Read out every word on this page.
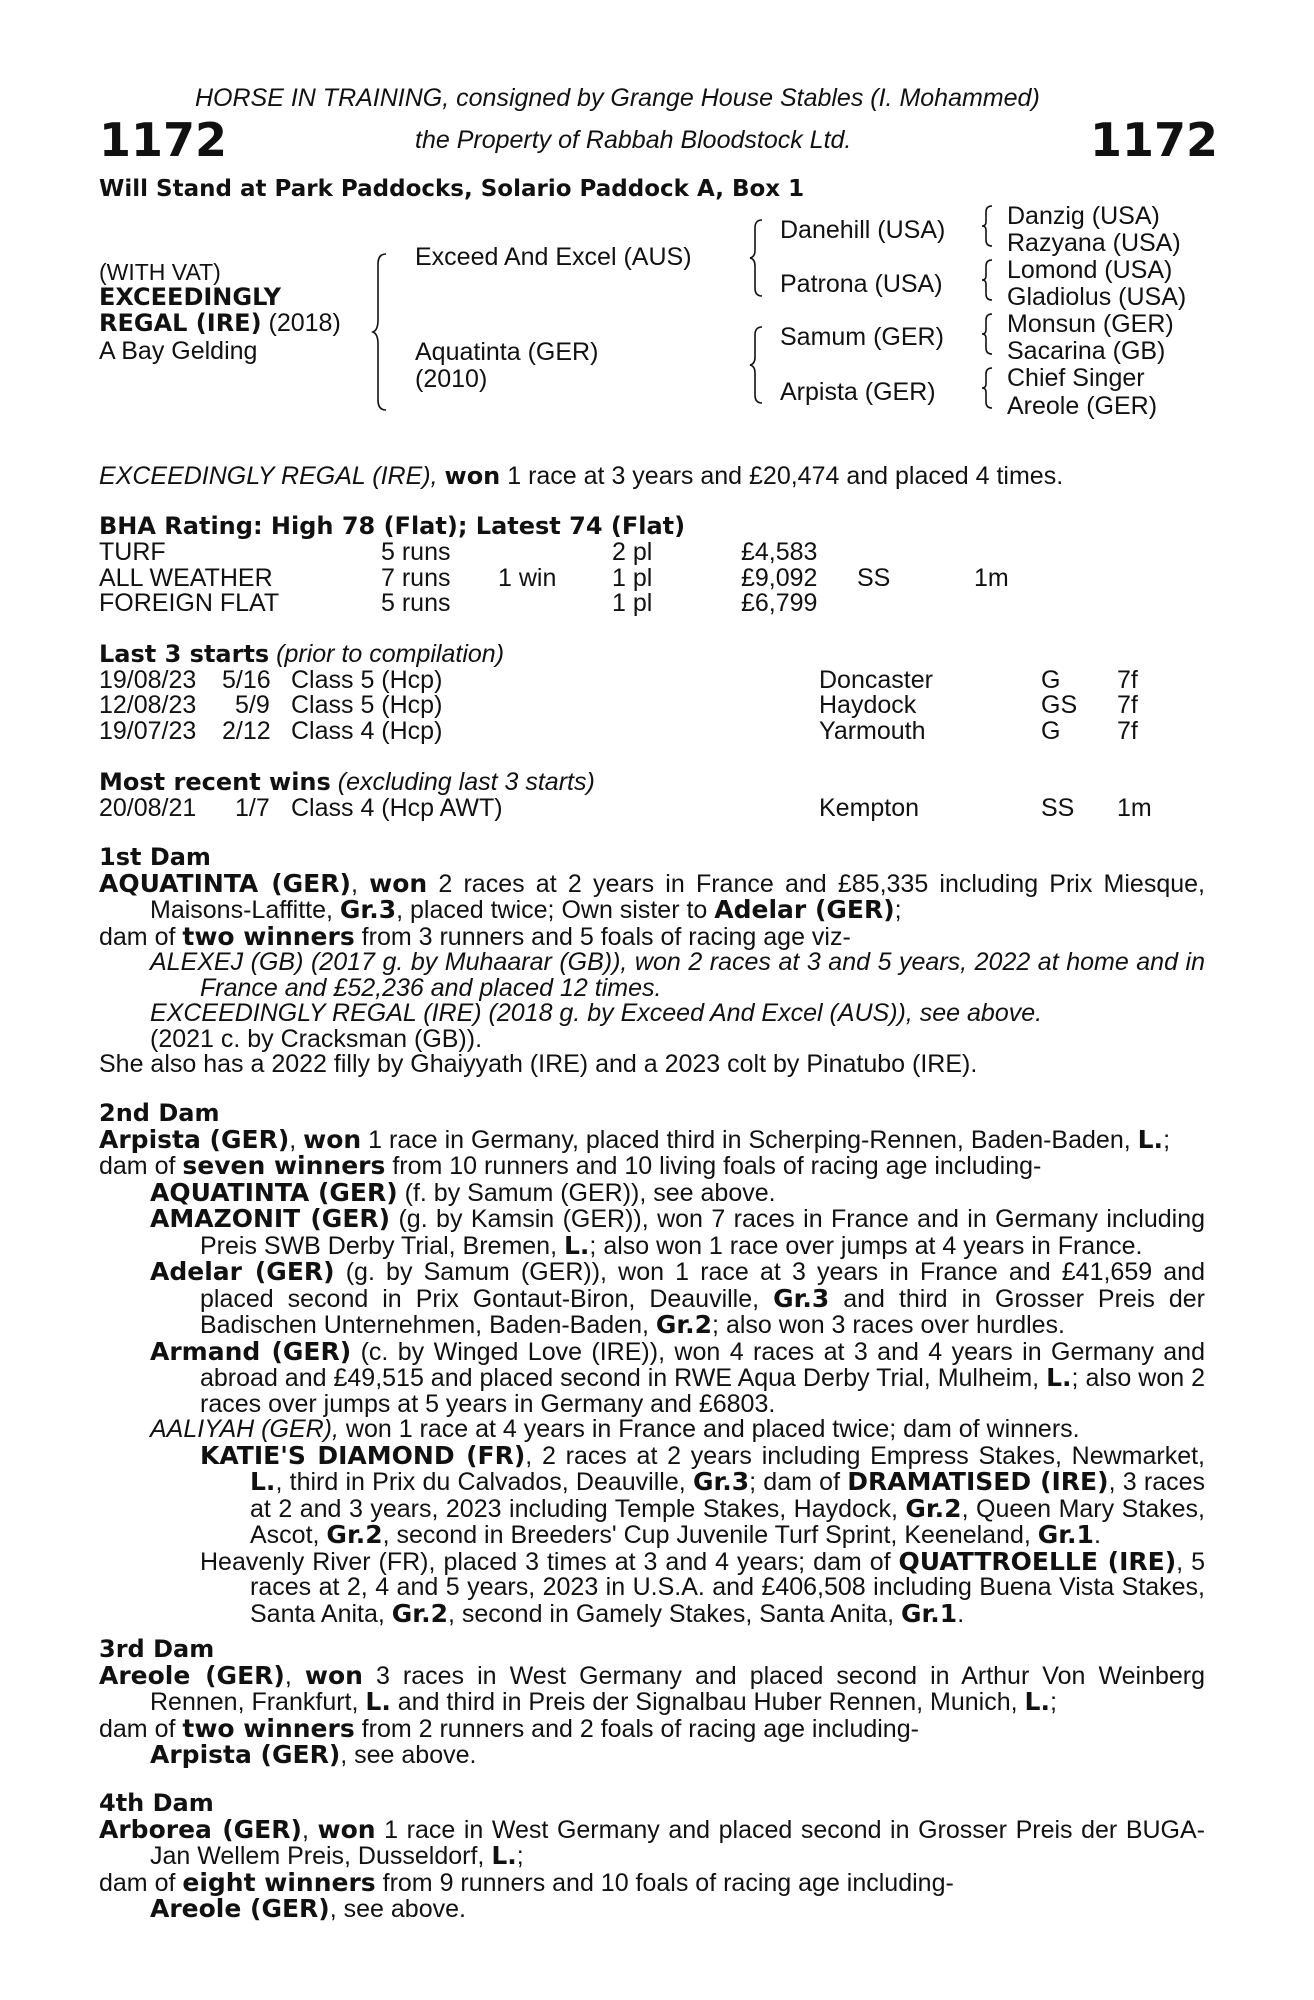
HORSE IN TRAINING, consigned by Grange House Stables (I. Mohammed)
1172	the Property of Rabbah Bloodstock Ltd.	1172
Will Stand at Park Paddocks, Solario Paddock A, Box 1
(WITH VAT)
EXCEEDINGLY
REGAL (IRE) (2018)
A Bay Gelding
Exceed And Excel (AUS)
Aquatinta (GER)
(2010)
Danehill (USA)
Patrona (USA)
Samum (GER)
Arpista (GER)
Danzig (USA)
Razyana (USA)
Lomond (USA)
Gladiolus (USA)
Monsun (GER)
Sacarina (GB)
Chief Singer
Areole (GER)
EXCEEDINGLY REGAL (IRE), won 1 race at 3 years and £20,474 and placed 4 times.
BHA Rating: High 78 (Flat); Latest 74 (Flat)
TURF	5 runs	2 pl	£4,583
ALL WEATHER	7 runs 1 win 1 pl	£9,092 SS	1m
FOREIGN FLAT	5 runs	1 pl	£6,799
Last 3 starts (prior to compilation)
19/08/23 5/16 Class 5 (Hcp)	Doncaster	G 7f
12/08/23 5/9 Class 5 (Hcp)	Haydock	GS 7f
19/07/23 2/12 Class 4 (Hcp)	Yarmouth	G 7f
Most recent wins (excluding last 3 starts)
20/08/21 1/7 Class 4 (Hcp AWT)	Kempton	SS 1m

1st Dam

AQUATINTA (GER), won 2 races at 2 years in France and £85,335 including Prix Miesque, Maisons-Laffitte, Gr.3, placed twice; Own sister to Adelar (GER);

dam of two winners from 3 runners and 5 foals of racing age viz-

ALEXEJ (GB) (2017 g. by Muhaarar (GB)), won 2 races at 3 and 5 years, 2022 at home and in France and £52,236 and placed 12 times.

EXCEEDINGLY REGAL (IRE) (2018 g. by Exceed And Excel (AUS)), see above.

(2021 c. by Cracksman (GB)).

She also has a 2022 filly by Ghaiyyath (IRE) and a 2023 colt by Pinatubo (IRE).

2nd Dam

Arpista (GER), won 1 race in Germany, placed third in Scherping-Rennen, Baden-Baden, L.;

dam of seven winners from 10 runners and 10 living foals of racing age including-

AQUATINTA (GER) (f. by Samum (GER)), see above.

AMAZONIT (GER) (g. by Kamsin (GER)), won 7 races in France and in Germany including Preis SWB Derby Trial, Bremen, L.; also won 1 race over jumps at 4 years in France.

Adelar (GER) (g. by Samum (GER)), won 1 race at 3 years in France and £41,659 and placed second in Prix Gontaut-Biron, Deauville, Gr.3 and third in Grosser Preis der Badischen Unternehmen, Baden-Baden, Gr.2; also won 3 races over hurdles.

Armand (GER) (c. by Winged Love (IRE)), won 4 races at 3 and 4 years in Germany and abroad and £49,515 and placed second in RWE Aqua Derby Trial, Mulheim, L.; also won 2 races over jumps at 5 years in Germany and £6803.

AALIYAH (GER), won 1 race at 4 years in France and placed twice; dam of winners.

KATIE'S DIAMOND (FR), 2 races at 2 years including Empress Stakes, Newmarket, L., third in Prix du Calvados, Deauville, Gr.3; dam of DRAMATISED (IRE), 3 races at 2 and 3 years, 2023 including Temple Stakes, Haydock, Gr.2, Queen Mary Stakes, Ascot, Gr.2, second in Breeders' Cup Juvenile Turf Sprint, Keeneland, Gr.1.

Heavenly River (FR), placed 3 times at 3 and 4 years; dam of QUATTROELLE (IRE), 5 races at 2, 4 and 5 years, 2023 in U.S.A. and £406,508 including Buena Vista Stakes, Santa Anita, Gr.2, second in Gamely Stakes, Santa Anita, Gr.1.

3rd Dam

Areole (GER), won 3 races in West Germany and placed second in Arthur Von Weinberg Rennen, Frankfurt, L. and third in Preis der Signalbau Huber Rennen, Munich, L.;

dam of two winners from 2 runners and 2 foals of racing age including-

Arpista (GER), see above.

4th Dam

Arborea (GER), won 1 race in West Germany and placed second in Grosser Preis der BUGA-Jan Wellem Preis, Dusseldorf, L.;

dam of eight winners from 9 runners and 10 foals of racing age including-

Areole (GER), see above.
